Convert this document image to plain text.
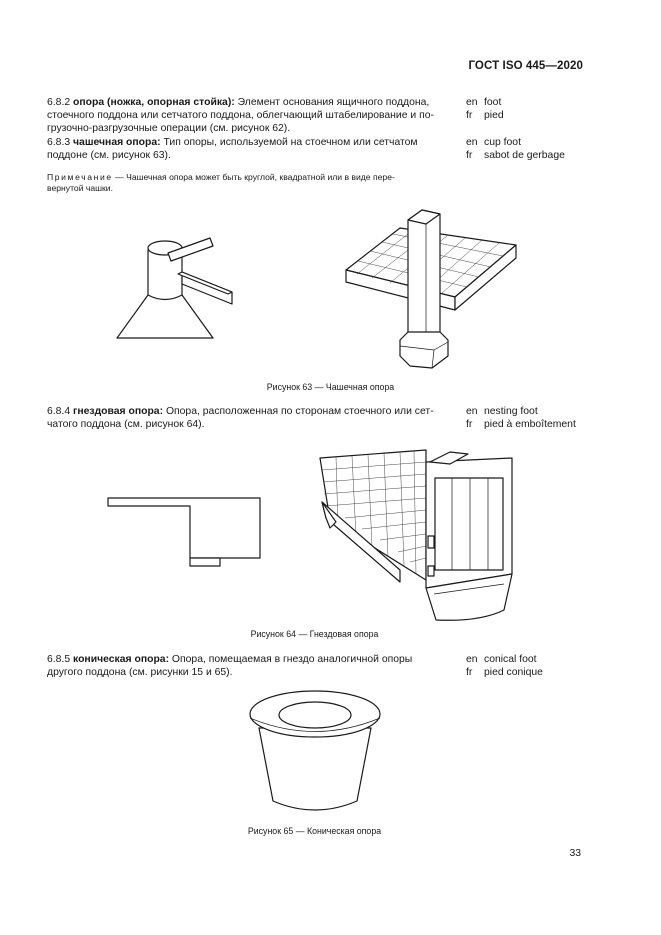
ГОСТ ISO 445—2020
6.8.2 опора (ножка, опорная стойка): Элемент основания ящичного поддона,
стоечного поддона или сетчатого поддона, облегчающий штабелирование и по-
грузочно-разгрузочные операции (см. рисунок 62).
en foot
fr pied
6.8.3 чашечная опора: Тип опоры, используемой на стоечном или сетчатом
поддоне (см. рисунок 63).
en cup foot
fr sabot de gerbage
Примечание — Чашечная опора может быть круглой, квадратной или в виде пере-
вернутой чашки.
Рисунок 63 — Чашечная опора
6.8.4 гнездовая опора: Опора, расположенная по сторонам стоечного или сет-
чатого поддона (см. рисунок 64).
en nesting foot
fr pied à emboîtement
Рисунок 64 — Гнездовая опора
6.8.5 коническая опора: Опора, помещаемая в гнездо аналогичной опоры
другого поддона (см. рисунки 15 и 65).
en conical foot
fr pied conique
Рисунок 65 — Коническая опора
33
